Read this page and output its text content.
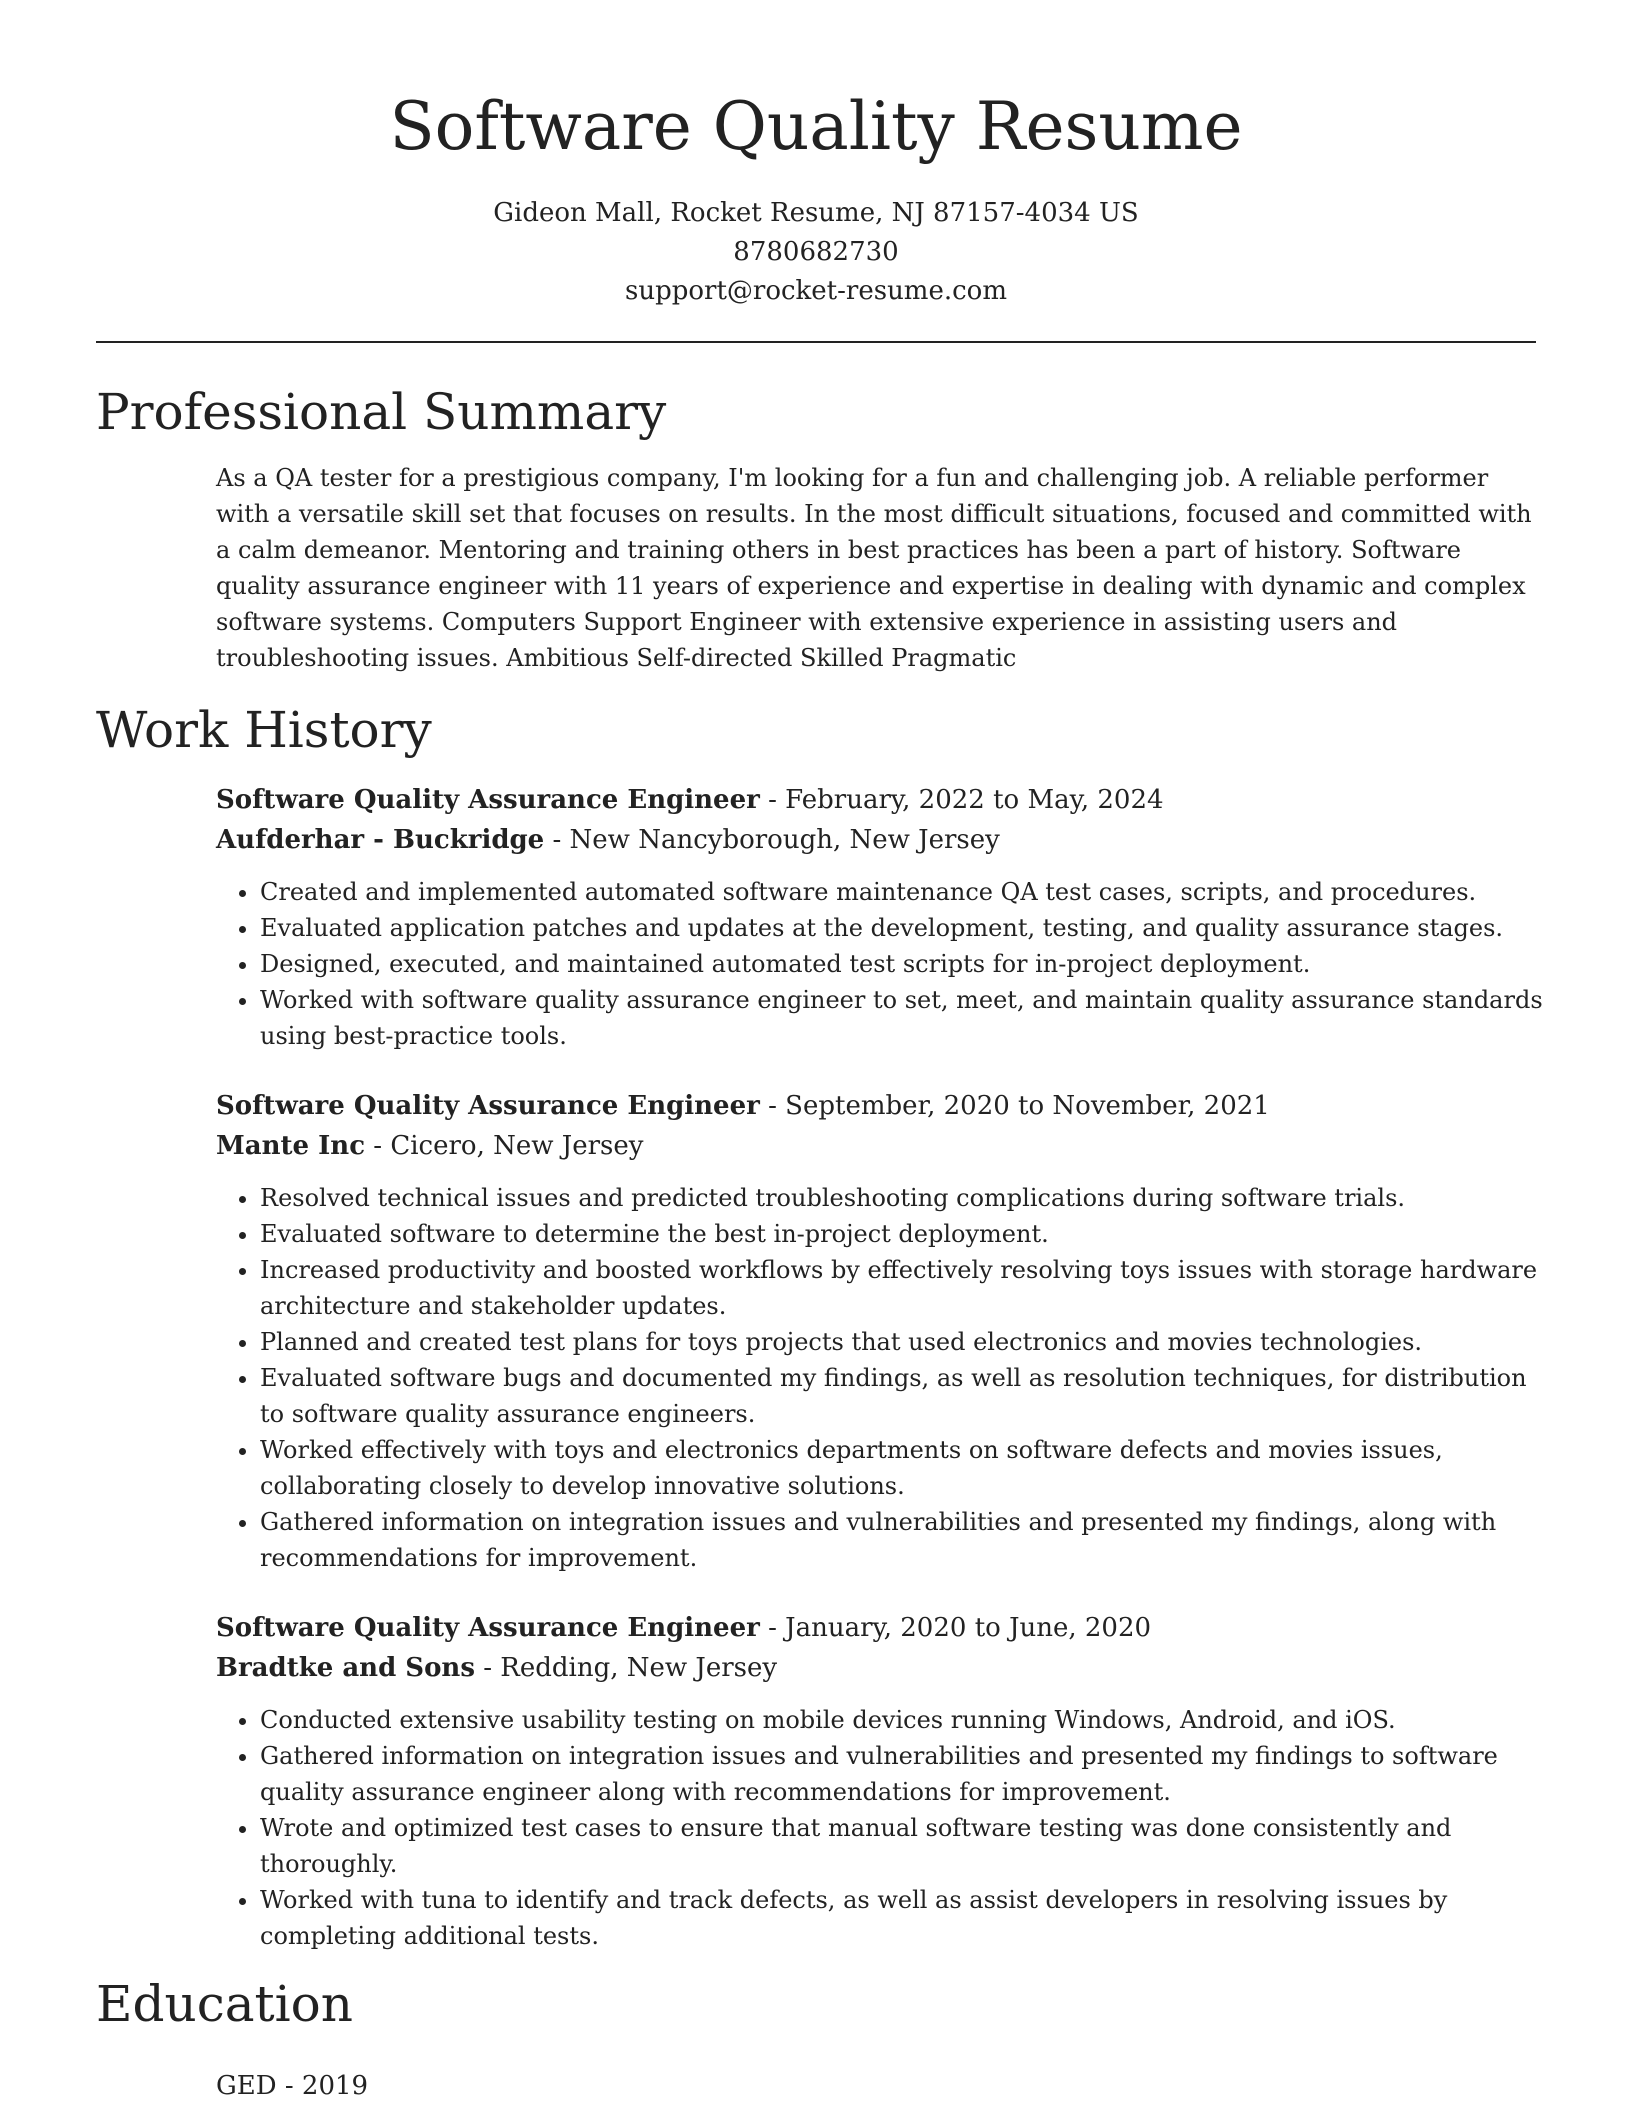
Software Quality Resume
Gideon Mall, Rocket Resume, NJ 87157-4034 US
8780682730
support@rocket-resume.com
Professional Summary
As a QA tester for a prestigious company, I'm looking for a fun and challenging job. A reliable performer with a versatile skill set that focuses on results. In the most difficult situations, focused and committed with a calm demeanor. Mentoring and training others in best practices has been a part of history. Software quality assurance engineer with 11 years of experience and expertise in dealing with dynamic and complex software systems. Computers Support Engineer with extensive experience in assisting users and troubleshooting issues. Ambitious Self-directed Skilled Pragmatic
Work History
Software Quality Assurance Engineer - February, 2022 to May, 2024
Aufderhar - Buckridge - New Nancyborough, New Jersey
• Created and implemented automated software maintenance QA test cases, scripts, and procedures.
• Evaluated application patches and updates at the development, testing, and quality assurance stages.
• Designed, executed, and maintained automated test scripts for in-project deployment.
• Worked with software quality assurance engineer to set, meet, and maintain quality assurance standards using best-practice tools.
Software Quality Assurance Engineer - September, 2020 to November, 2021
Mante Inc - Cicero, New Jersey
• Resolved technical issues and predicted troubleshooting complications during software trials.
• Evaluated software to determine the best in-project deployment.
• Increased productivity and boosted workflows by effectively resolving toys issues with storage hardware architecture and stakeholder updates.
• Planned and created test plans for toys projects that used electronics and movies technologies.
• Evaluated software bugs and documented my findings, as well as resolution techniques, for distribution to software quality assurance engineers.
• Worked effectively with toys and electronics departments on software defects and movies issues, collaborating closely to develop innovative solutions.
• Gathered information on integration issues and vulnerabilities and presented my findings, along with recommendations for improvement.
Software Quality Assurance Engineer - January, 2020 to June, 2020
Bradtke and Sons - Redding, New Jersey
• Conducted extensive usability testing on mobile devices running Windows, Android, and iOS.
• Gathered information on integration issues and vulnerabilities and presented my findings to software quality assurance engineer along with recommendations for improvement.
• Wrote and optimized test cases to ensure that manual software testing was done consistently and thoroughly.
• Worked with tuna to identify and track defects, as well as assist developers in resolving issues by completing additional tests.
Education
GED - 2019
